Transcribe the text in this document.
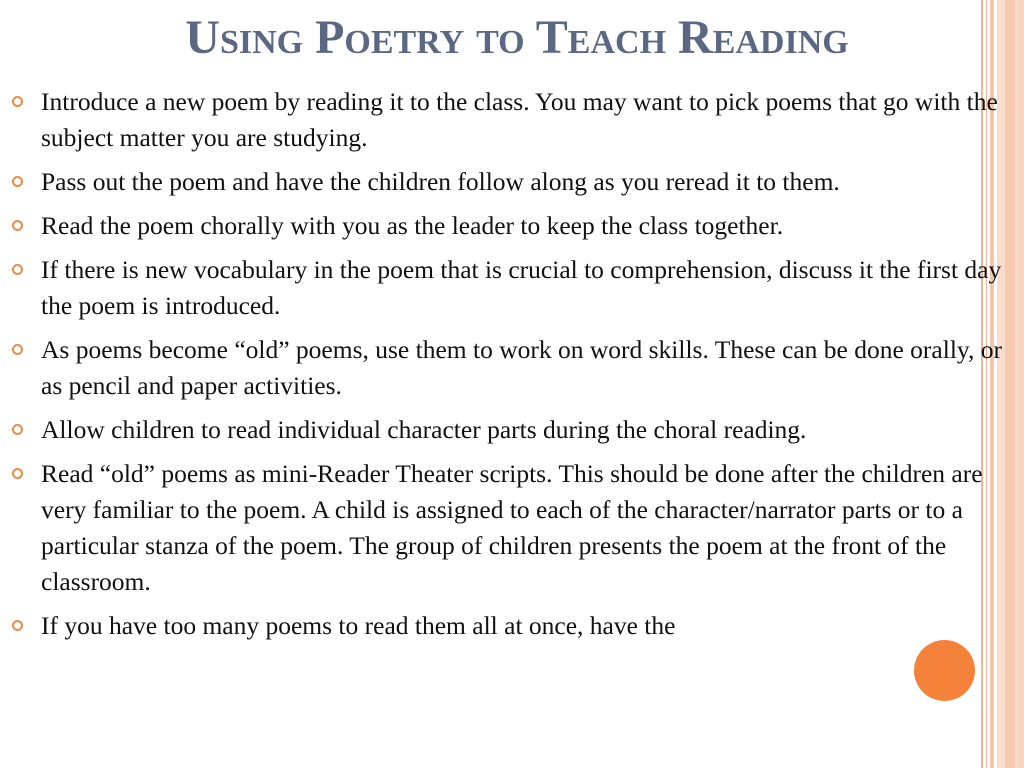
Using Poetry to Teach Reading
Introduce a new poem by reading it to the class. You may want to pick poems that go with the subject matter you are studying.
Pass out the poem and have the children follow along as you reread it to them.
Read the poem chorally with you as the leader to keep the class together.
If there is new vocabulary in the poem that is crucial to comprehension, discuss it the first day the poem is introduced.
As poems become “old” poems, use them to work on word skills. These can be done orally, or as pencil and paper activities.
Allow children to read individual character parts during the choral reading.
Read “old” poems as mini-Reader Theater scripts. This should be done after the children are very familiar to the poem. A child is assigned to each of the character/narrator parts or to a particular stanza of the poem. The group of children presents the poem at the front of the classroom.
If you have too many poems to read them all at once, have the
